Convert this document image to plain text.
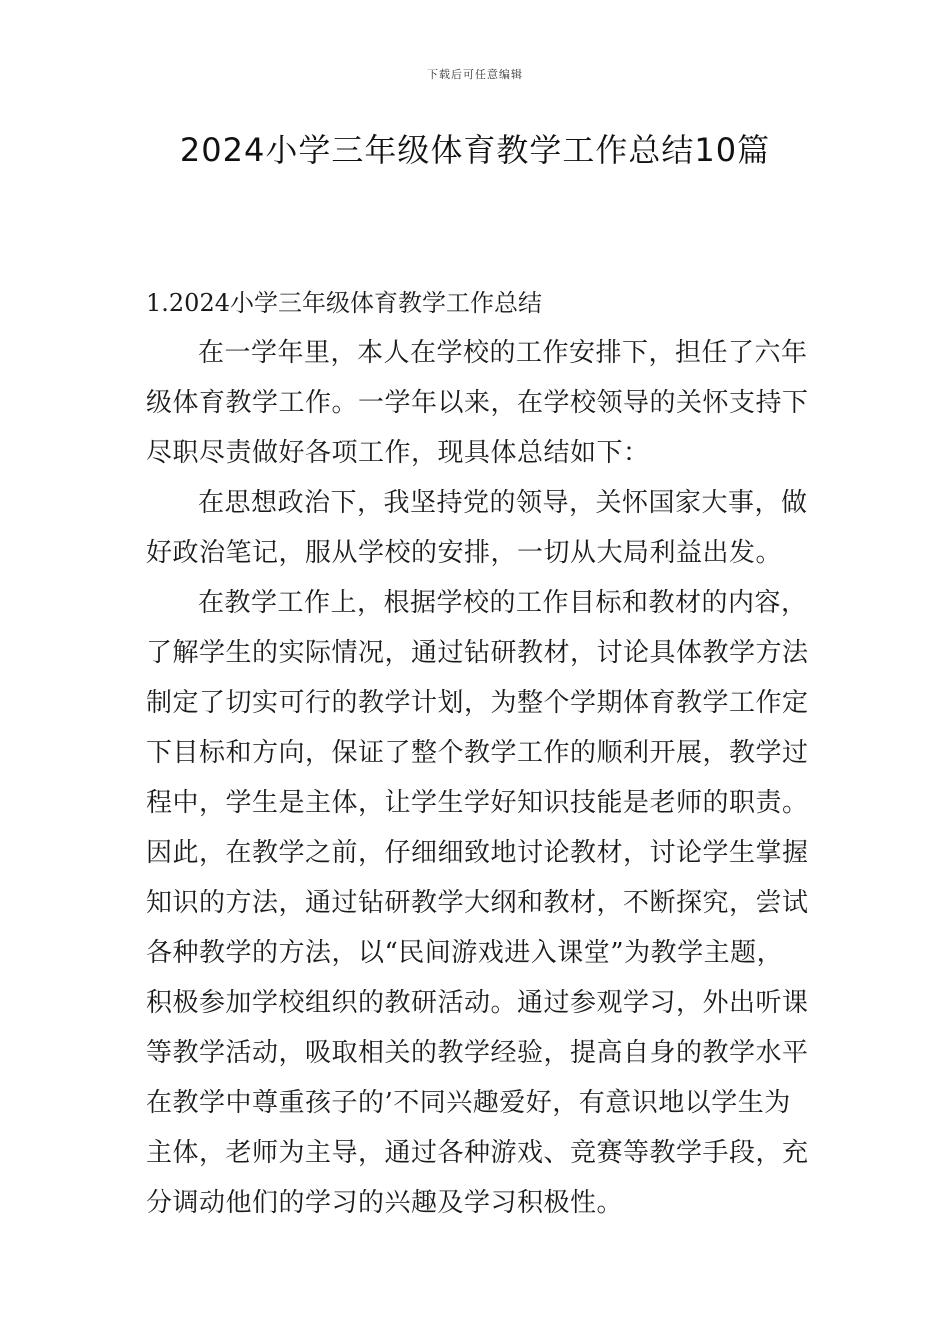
下载后可任意编辑
2024小学三年级体育教学工作总结10篇
1.2024小学三年级体育教学工作总结

在一学年里，本人在学校的工作安排下，担任了六年

级体育教学工作。一学年以来，在学校领导的关怀支持下

尽职尽责做好各项工作，现具体总结如下：

在思想政治下，我坚持党的领导，关怀国家大事，做

好政治笔记，服从学校的安排，一切从大局利益出发。

在教学工作上，根据学校的工作目标和教材的内容，

了解学生的实际情况，通过钻研教材，讨论具体教学方法

制定了切实可行的教学计划，为整个学期体育教学工作定

下目标和方向，保证了整个教学工作的顺利开展，教学过

程中，学生是主体，让学生学好知识技能是老师的职责。

因此，在教学之前，仔细细致地讨论教材，讨论学生掌握

知识的方法，通过钻研教学大纲和教材，不断探究，尝试

各种教学的方法，以“民间游戏进入课堂”为教学主题，

积极参加学校组织的教研活动。通过参观学习，外出听课

等教学活动，吸取相关的教学经验，提高自身的教学水平

在教学中尊重孩子的’不同兴趣爱好，有意识地以学生为

主体，老师为主导，通过各种游戏、竞赛等教学手段，充

分调动他们的学习的兴趣及学习积极性。
